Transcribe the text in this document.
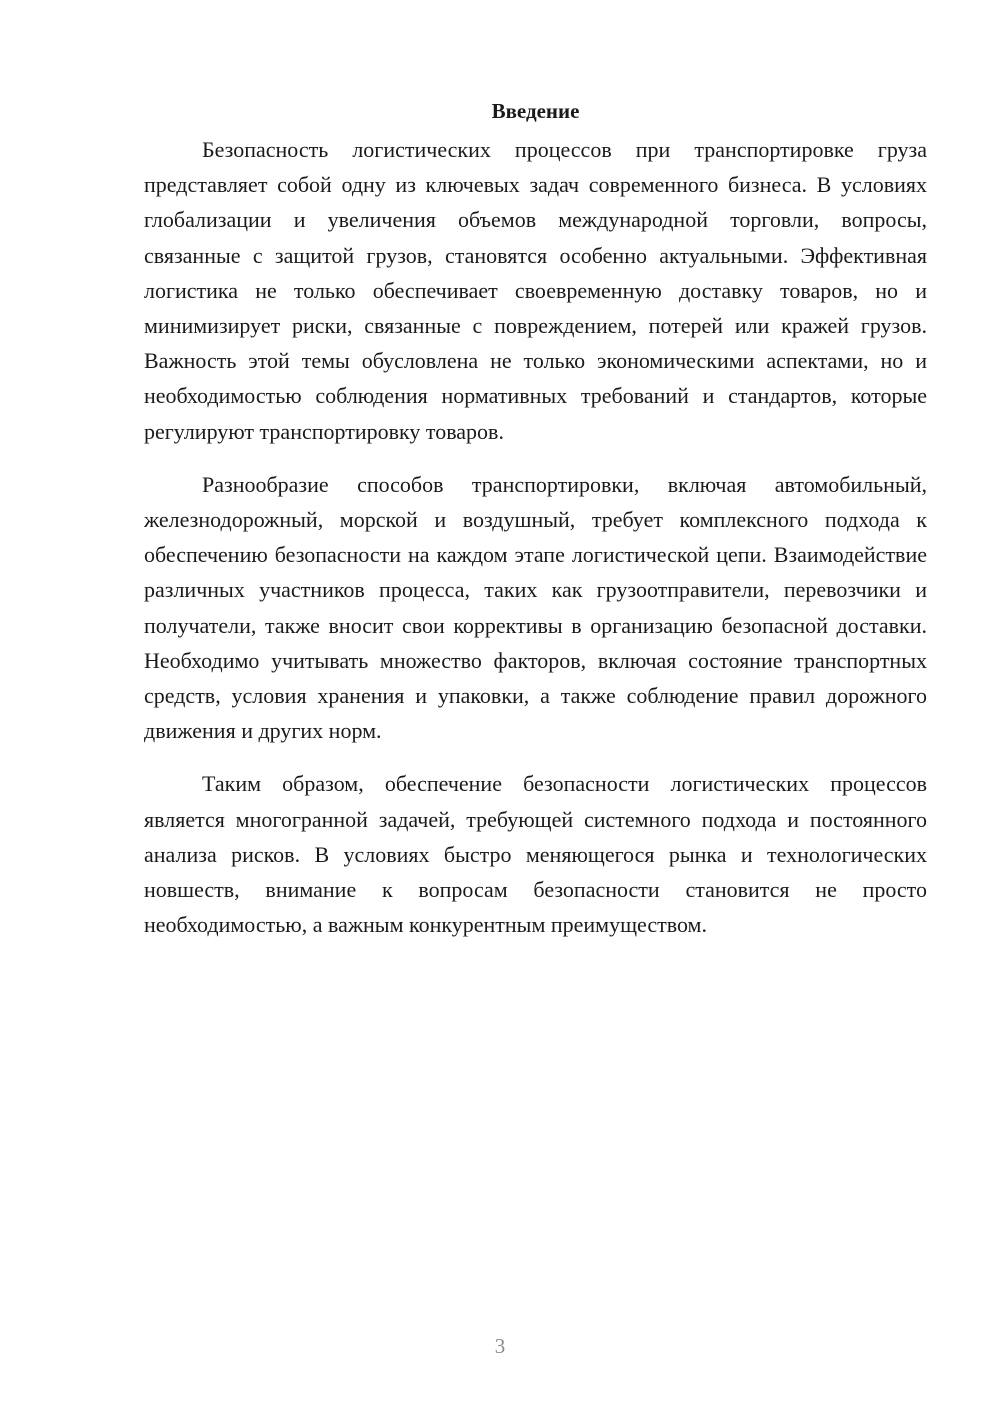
Введение

Безопасность логистических процессов при транспортировке груза представляет собой одну из ключевых задач современного бизнеса. В условиях глобализации и увеличения объемов международной торговли, вопросы, связанные с защитой грузов, становятся особенно актуальными. Эффективная логистика не только обеспечивает своевременную доставку товаров, но и минимизирует риски, связанные с повреждением, потерей или кражей грузов. Важность этой темы обусловлена не только экономическими аспектами, но и необходимостью соблюдения нормативных требований и стандартов, которые регулируют транспортировку товаров.

Разнообразие способов транспортировки, включая автомобильный, железнодорожный, морской и воздушный, требует комплексного подхода к обеспечению безопасности на каждом этапе логистической цепи. Взаимодействие различных участников процесса, таких как грузоотправители, перевозчики и получатели, также вносит свои коррективы в организацию безопасной доставки. Необходимо учитывать множество факторов, включая состояние транспортных средств, условия хранения и упаковки, а также соблюдение правил дорожного движения и других норм.

Таким образом, обеспечение безопасности логистических процессов является многогранной задачей, требующей системного подхода и постоянного анализа рисков. В условиях быстро меняющегося рынка и технологических новшеств, внимание к вопросам безопасности становится не просто необходимостью, а важным конкурентным преимуществом.

3
